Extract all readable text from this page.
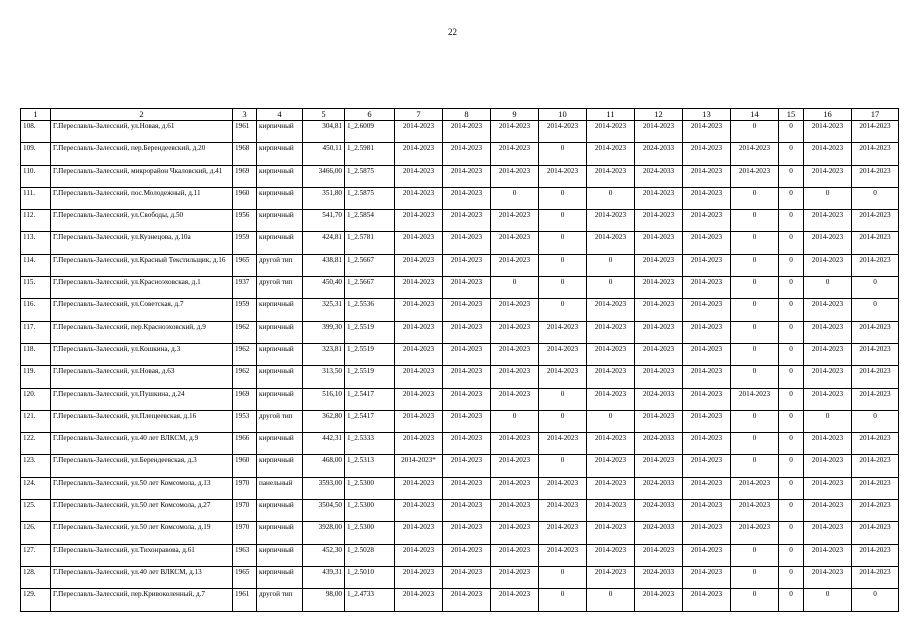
22
1	2	3	4	5	6	7	8	9	10	11	12	13	14	15	16	17
108.	Г.Переславль-Залесский, ул.Новая, д.61	1961	кирпичный	304,81	1_2.6009	2014-2023	2014-2023	2014-2023	2014-2023	2014-2023	2014-2023	2014-2023	0	0	2014-2023	2014-2023
109.	Г.Переславль-Залесский, пер.Берендеевский, д.20	1968	кирпичный	450,11	1_2.5981	2014-2023	2014-2023	2014-2023	0	2014-2023	2024-2033	2014-2023	2014-2023	0	2014-2023	2014-2023
110.	Г.Переславль-Залесский, микрорайон Чкаловский, д.41	1969	кирпичный	3466,00	1_2.5875	2014-2023	2014-2023	2014-2023	2014-2023	2014-2023	2024-2033	2014-2023	2014-2023	0	2014-2023	2014-2023
111.	Г.Переславль-Залесский, пос.Молодежный, д.11	1960	кирпичный	351,80	1_2.5875	2014-2023	2014-2023	0	0	0	2014-2023	2014-2023	0	0	0	0
112.	Г.Переславль-Залесский, ул.Свободы, д.50	1956	кирпичный	541,70	1_2.5854	2014-2023	2014-2023	2014-2023	0	2014-2023	2014-2023	2014-2023	0	0	2014-2023	2014-2023
113.	Г.Переславль-Залесский, ул.Кузнецова, д.10а	1959	кирпичный	424,81	1_2.5781	2014-2023	2014-2023	2014-2023	0	2014-2023	2014-2023	2014-2023	0	0	2014-2023	2014-2023
114.	Г.Переславль-Залесский, ул.Красный Текстильщик, д.16	1965	другой тип	438,81	1_2.5667	2014-2023	2014-2023	2014-2023	0	0	2014-2023	2014-2023	0	0	2014-2023	2014-2023
115.	Г.Переславль-Залесский, ул.Красноэховская, д.1	1937	другой тип	450,40	1_2.5667	2014-2023	2014-2023	0	0	0	2014-2023	2014-2023	0	0	0	0
116.	Г.Переславль-Залесский, ул.Советская, д.7	1959	кирпичный	325,31	1_2.5536	2014-2023	2014-2023	2014-2023	0	2014-2023	2014-2023	2014-2023	0	0	2014-2023	0
117.	Г.Переславль-Залесский, пер.Красноэховский, д.9	1962	кирпичный	399,30	1_2.5519	2014-2023	2014-2023	2014-2023	2014-2023	2014-2023	2014-2023	2014-2023	0	0	2014-2023	2014-2023
118.	Г.Переславль-Залесский, ул.Кошкина, д.3	1962	кирпичный	323,81	1_2.5519	2014-2023	2014-2023	2014-2023	2014-2023	2014-2023	2014-2023	2014-2023	0	0	2014-2023	2014-2023
119.	Г.Переславль-Залесский, ул.Новая, д.63	1962	кирпичный	313,50	1_2.5519	2014-2023	2014-2023	2014-2023	2014-2023	2014-2023	2014-2023	2014-2023	0	0	2014-2023	2014-2023
120.	Г.Переславль-Залесский, ул.Пушкина, д.24	1969	кирпичный	516,10	1_2.5417	2014-2023	2014-2023	2014-2023	0	2014-2023	2024-2033	2014-2023	2014-2023	0	2014-2023	2014-2023
121.	Г.Переславль-Залесский, ул.Плещеевская, д.16	1953	другой тип	362,80	1_2.5417	2014-2023	2014-2023	0	0	0	2014-2023	2014-2023	0	0	0	0
122.	Г.Переславль-Залесский, ул.40 лет ВЛКСМ, д.9	1966	кирпичный	442,31	1_2.5333	2014-2023	2014-2023	2014-2023	2014-2023	2014-2023	2024-2033	2014-2023	0	0	2014-2023	2014-2023
123.	Г.Переславль-Залесский, ул.Берендеевская, д.3	1960	кирпичный	468,00	1_2.5313	2014-2023*	2014-2023	2014-2023	0	2014-2023	2014-2023	2014-2023	0	0	2014-2023	2014-2023
124.	Г.Переславль-Залесский, ул.50 лет Комсомола, д.13	1970	панельный	3593,00	1_2.5300	2014-2023	2014-2023	2014-2023	2014-2023	2014-2023	2024-2033	2014-2023	2014-2023	0	2014-2023	2014-2023
125.	Г.Переславль-Залесский, ул.50 лет Комсомола, д.27	1970	кирпичный	3504,50	1_2.5300	2014-2023	2014-2023	2014-2023	2014-2023	2014-2023	2024-2033	2014-2023	2014-2023	0	2014-2023	2014-2023
126.	Г.Переславль-Залесский, ул.50 лет Комсомола, д.19	1970	кирпичный	3928,00	1_2.5300	2014-2023	2014-2023	2014-2023	2014-2023	2014-2023	2024-2033	2014-2023	2014-2023	0	2014-2023	2014-2023
127.	Г.Переславль-Залесский, ул.Тихонравова, д.61	1963	кирпичный	452,30	1_2.5028	2014-2023	2014-2023	2014-2023	2014-2023	2014-2023	2014-2023	2014-2023	0	0	2014-2023	2014-2023
128.	Г.Переславль-Залесский, ул.40 лет ВЛКСМ, д.13	1965	кирпичный	439,31	1_2.5010	2014-2023	2014-2023	2014-2023	0	2014-2023	2024-2033	2014-2023	0	0	2014-2023	2014-2023
129.	Г.Переславль-Залесский, пер.Кривоколенный, д.7	1961	другой тип	98,00	1_2.4733	2014-2023	2014-2023	2014-2023	0	0	2014-2023	2014-2023	0	0	0	0
